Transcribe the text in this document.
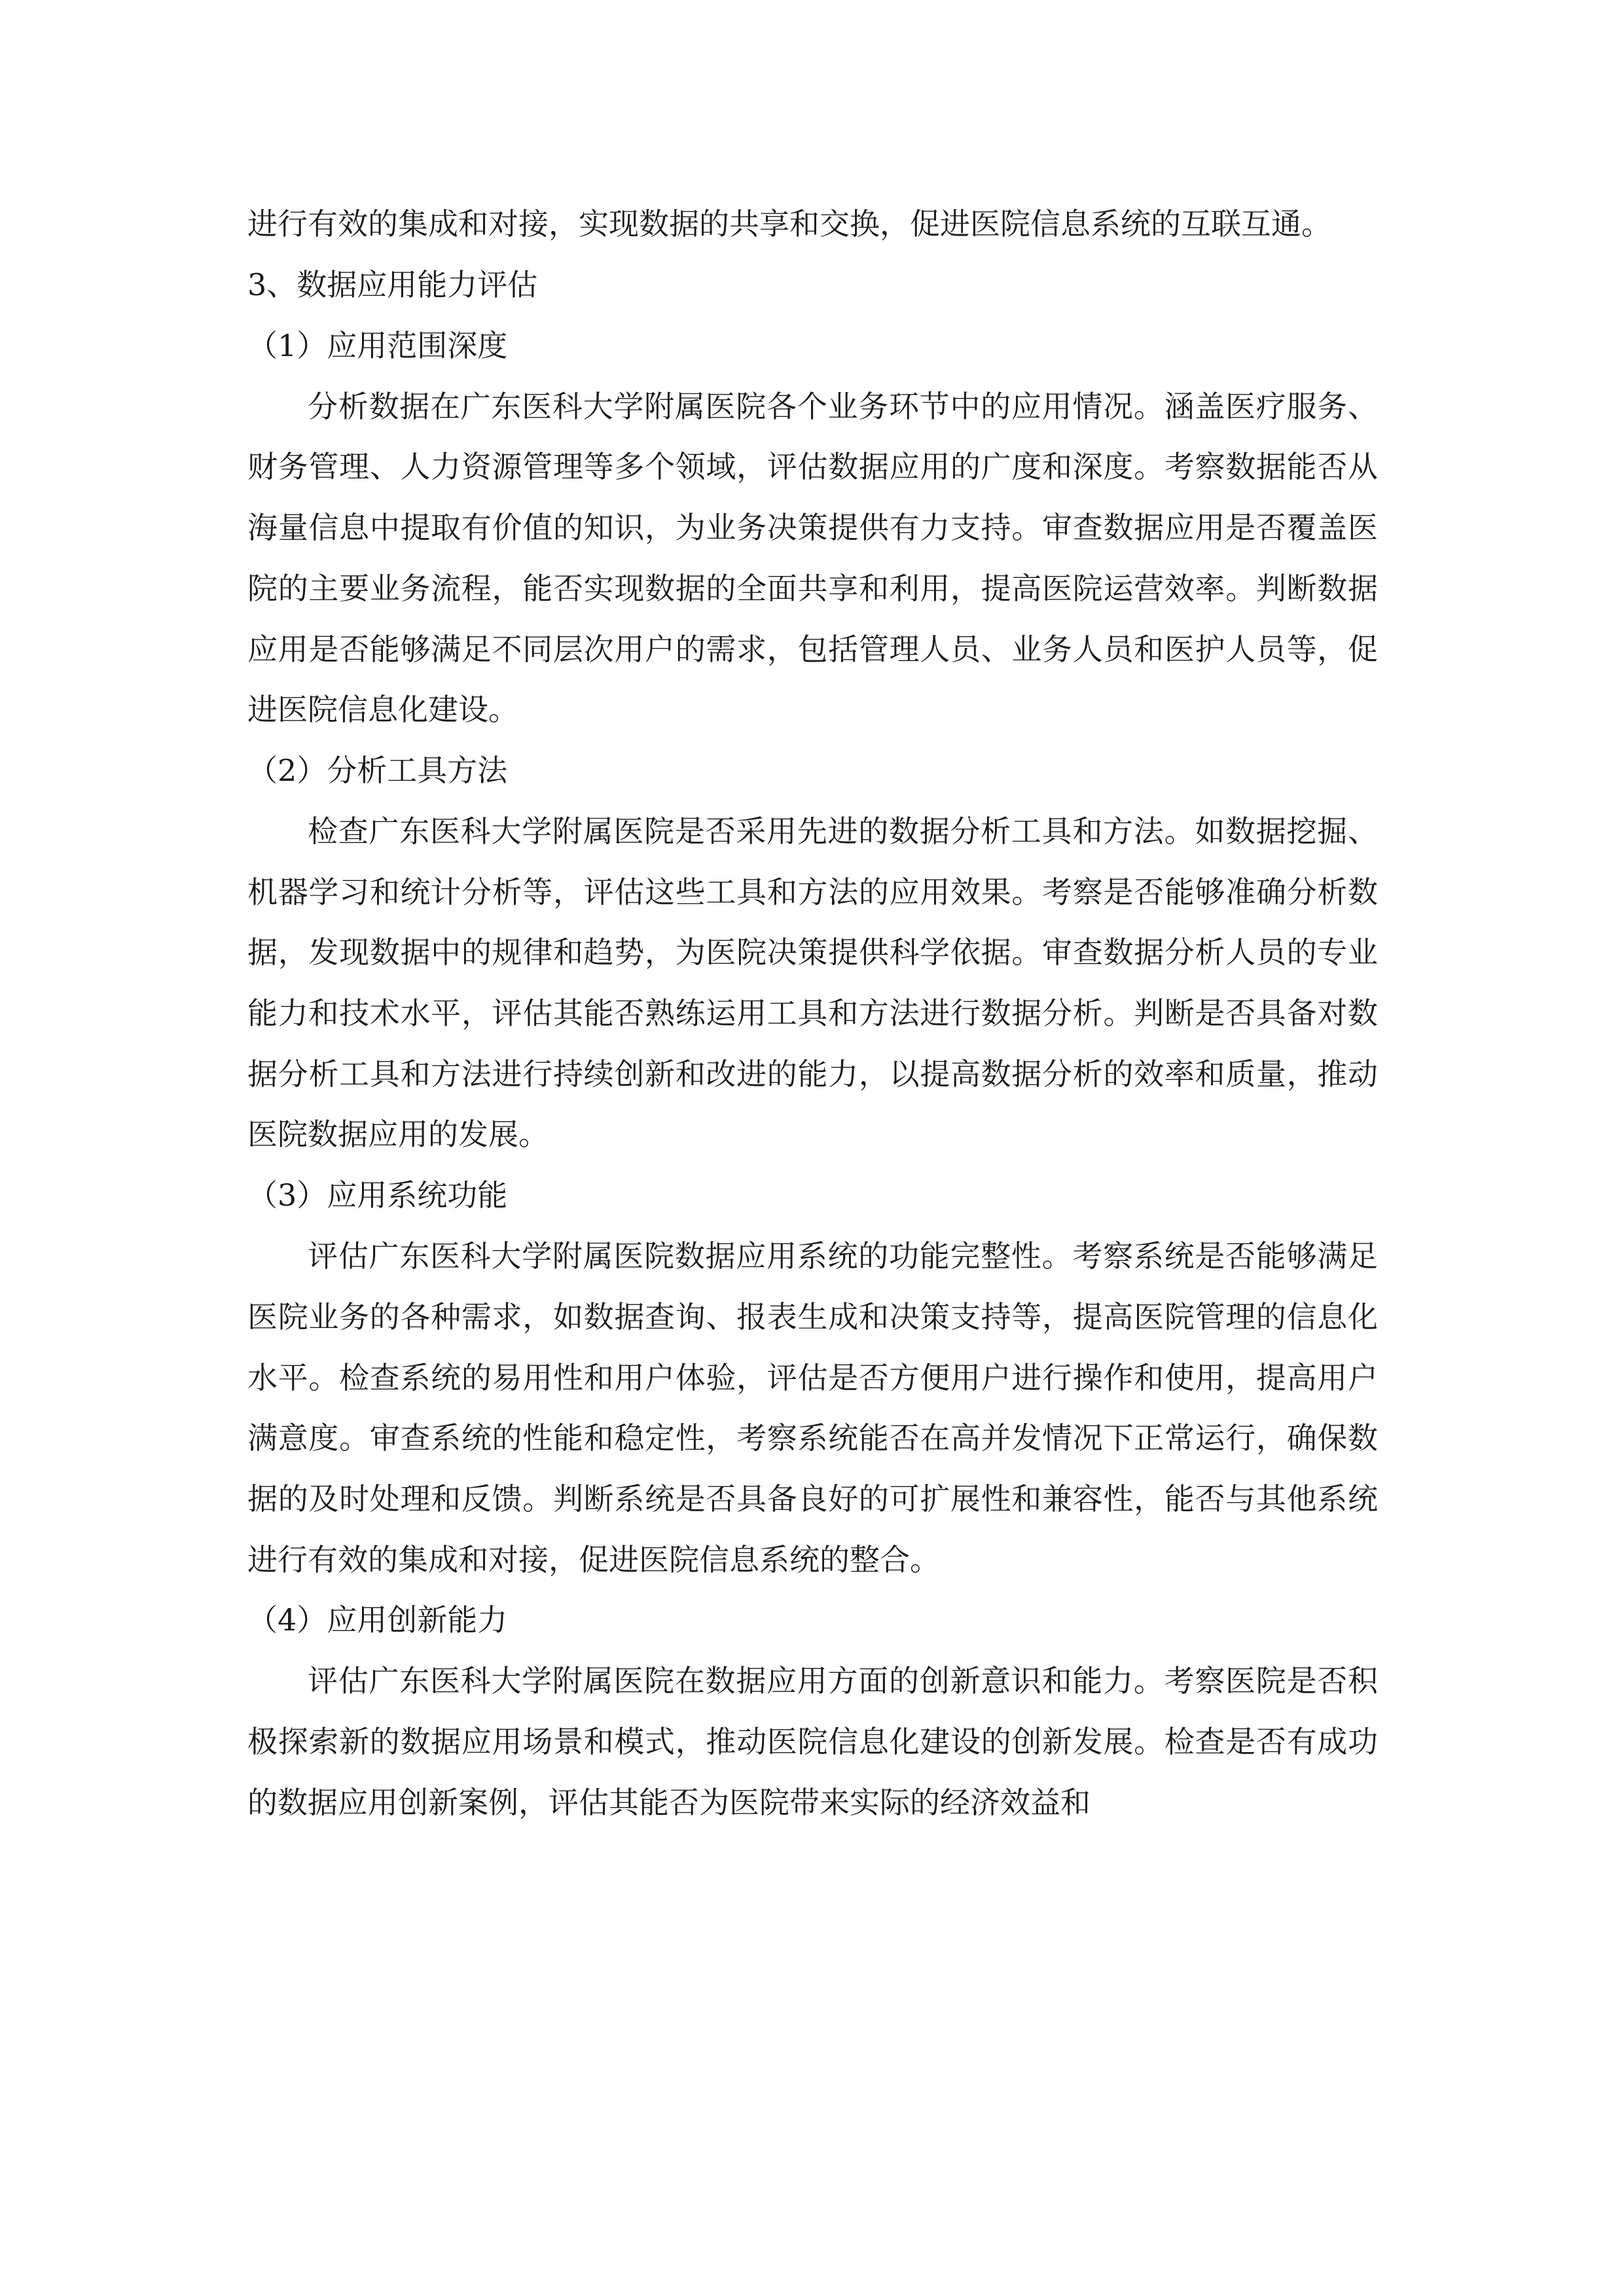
进行有效的集成和对接，实现数据的共享和交换，促进医院信息系统的互联互通。

3、数据应用能力评估

（1）应用范围深度

分析数据在广东医科大学附属医院各个业务环节中的应用情况。涵盖医疗服务、财务管理、人力资源管理等多个领域，评估数据应用的广度和深度。考察数据能否从海量信息中提取有价值的知识，为业务决策提供有力支持。审查数据应用是否覆盖医院的主要业务流程，能否实现数据的全面共享和利用，提高医院运营效率。判断数据应用是否能够满足不同层次用户的需求，包括管理人员、业务人员和医护人员等，促进医院信息化建设。

（2）分析工具方法

检查广东医科大学附属医院是否采用先进的数据分析工具和方法。如数据挖掘、机器学习和统计分析等，评估这些工具和方法的应用效果。考察是否能够准确分析数据，发现数据中的规律和趋势，为医院决策提供科学依据。审查数据分析人员的专业能力和技术水平，评估其能否熟练运用工具和方法进行数据分析。判断是否具备对数据分析工具和方法进行持续创新和改进的能力，以提高数据分析的效率和质量，推动医院数据应用的发展。

（3）应用系统功能

评估广东医科大学附属医院数据应用系统的功能完整性。考察系统是否能够满足医院业务的各种需求，如数据查询、报表生成和决策支持等，提高医院管理的信息化水平。检查系统的易用性和用户体验，评估是否方便用户进行操作和使用，提高用户满意度。审查系统的性能和稳定性，考察系统能否在高并发情况下正常运行，确保数据的及时处理和反馈。判断系统是否具备良好的可扩展性和兼容性，能否与其他系统进行有效的集成和对接，促进医院信息系统的整合。

（4）应用创新能力

评估广东医科大学附属医院在数据应用方面的创新意识和能力。考察医院是否积极探索新的数据应用场景和模式，推动医院信息化建设的创新发展。检查是否有成功的数据应用创新案例，评估其能否为医院带来实际的经济效益和
